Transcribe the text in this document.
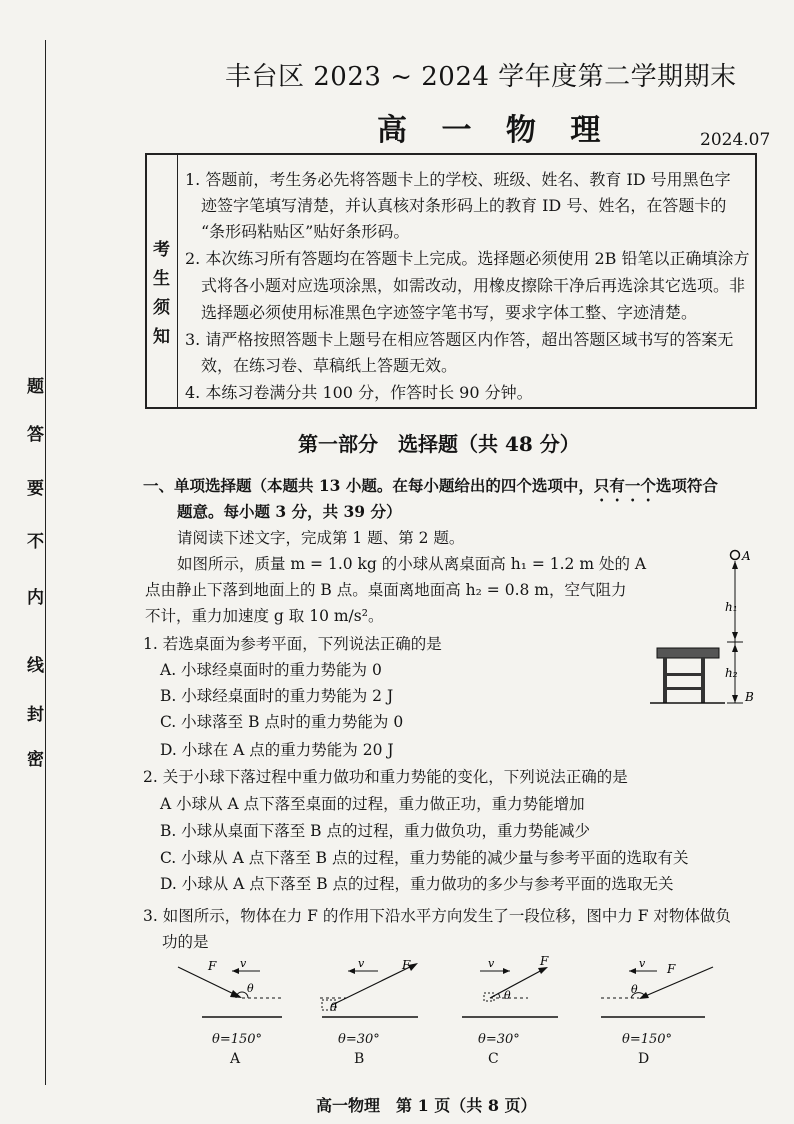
密
封
线
内
不
要
答
题
丰台区 2023 ~ 2024 学年度第二学期期末
高 一 物 理	2024.07
考
生
须
知
1. 答题前，考生务必先将答题卡上的学校、班级、姓名、教育 ID 号用黑色字
迹签字笔填写清楚，并认真核对条形码上的教育 ID 号、姓名，在答题卡的
“条形码粘贴区”贴好条形码。
2. 本次练习所有答题均在答题卡上完成。选择题必须使用 2B 铅笔以正确填涂方
式将各小题对应选项涂黑，如需改动，用橡皮擦除干净后再选涂其它选项。非
选择题必须使用标准黑色字迹签字笔书写，要求字体工整、字迹清楚。
3. 请严格按照答题卡上题号在相应答题区内作答，超出答题区域书写的答案无
效，在练习卷、草稿纸上答题无效。
4. 本练习卷满分共 100 分，作答时长 90 分钟。
第一部分　选择题（共 48 分）
一、单项选择题（本题共 13 小题。在每小题给出的四个选项中，只有一个选项符合
题意。每小题 3 分，共 39 分）
请阅读下述文字，完成第 1 题、第 2 题。
如图所示，质量 m = 1.0 kg 的小球从离桌面高 h₁ = 1.2 m 处的 A
点由静止下落到地面上的 B 点。桌面离地面高 h₂ = 0.8 m，空气阻力
不计，重力加速度 g 取 10 m/s²。
A
h₁
h₂
B
1. 若选桌面为参考平面，下列说法正确的是
A. 小球经桌面时的重力势能为 0
B. 小球经桌面时的重力势能为 2 J
C. 小球落至 B 点时的重力势能为 0
D. 小球在 A 点的重力势能为 20 J
2. 关于小球下落过程中重力做功和重力势能的变化，下列说法正确的是
A 小球从 A 点下落至桌面的过程，重力做正功，重力势能增加
B. 小球从桌面下落至 B 点的过程，重力做负功，重力势能减少
C. 小球从 A 点下落至 B 点的过程，重力势能的减少量与参考平面的选取有关
D. 小球从 A 点下落至 B 点的过程，重力做功的多少与参考平面的选取无关
3. 如图所示，物体在力 F 的作用下沿水平方向发生了一段位移，图中力 F 对物体做负
功的是
F v
θ
θ=150°
A
F
v
θ
θ=30°
B
F
v
θ
θ=30°
C
F
v
θ
θ=150°
D
高一物理　第 1 页（共 8 页）
